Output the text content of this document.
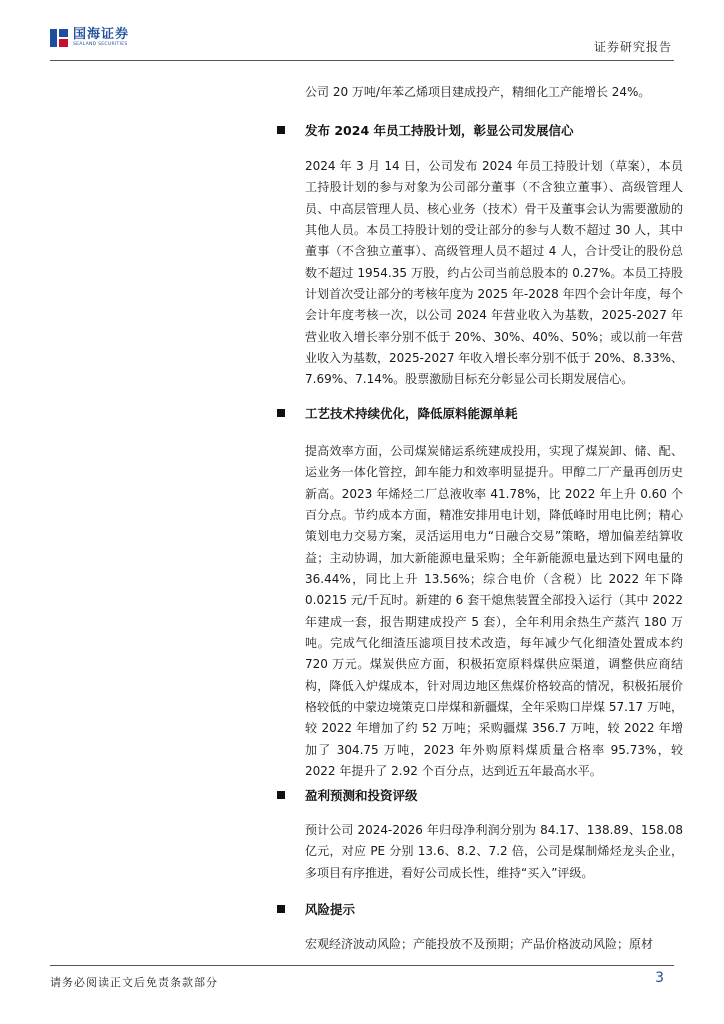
国海证券
SEALAND SECURITIES	证券研究报告

公司 20 万吨/年苯乙烯项目建成投产，精细化工产能增长 24%。

发布 2024 年员工持股计划，彰显公司发展信心

2024 年 3 月 14 日，公司发布 2024 年员工持股计划（草案），本员工持股计划的参与对象为公司部分董事（不含独立董事）、高级管理人员、中高层管理人员、核心业务（技术）骨干及董事会认为需要激励的其他人员。本员工持股计划的受让部分的参与人数不超过 30 人，其中董事（不含独立董事）、高级管理人员不超过 4 人，合计受让的股份总数不超过 1954.35 万股，约占公司当前总股本的 0.27%。本员工持股计划首次受让部分的考核年度为 2025 年-2028 年四个会计年度，每个会计年度考核一次，以公司 2024 年营业收入为基数，2025-2027 年营业收入增长率分别不低于 20%、30%、40%、50%；或以前一年营业收入为基数，2025-2027 年收入增长率分别不低于 20%、8.33%、7.69%、7.14%。股票激励目标充分彰显公司长期发展信心。

工艺技术持续优化，降低原料能源单耗

提高效率方面，公司煤炭储运系统建成投用，实现了煤炭卸、储、配、运业务一体化管控，卸车能力和效率明显提升。甲醇二厂产量再创历史新高。2023 年烯烃二厂总液收率 41.78%，比 2022 年上升 0.60 个百分点。节约成本方面，精准安排用电计划，降低峰时用电比例；精心策划电力交易方案，灵活运用电力“日融合交易”策略，增加偏差结算收益；主动协调，加大新能源电量采购；全年新能源电量达到下网电量的 36.44%，同比上升 13.56%；综合电价（含税）比 2022 年下降 0.0215 元/千瓦时。新建的 6 套干熄焦装置全部投入运行（其中 2022 年建成一套，报告期建成投产 5 套），全年利用余热生产蒸汽 180 万吨。完成气化细渣压滤项目技术改造，每年减少气化细渣处置成本约 720 万元。煤炭供应方面，积极拓宽原料煤供应渠道，调整供应商结构，降低入炉煤成本，针对周边地区焦煤价格较高的情况，积极拓展价格较低的中蒙边境策克口岸煤和新疆煤，全年采购口岸煤 57.17 万吨，较 2022 年增加了约 52 万吨；采购疆煤 356.7 万吨，较 2022 年增加了 304.75 万吨，2023 年外购原料煤质量合格率 95.73%，较 2022 年提升了 2.92 个百分点，达到近五年最高水平。

盈利预测和投资评级

预计公司 2024-2026 年归母净利润分别为 84.17、138.89、158.08 亿元，对应 PE 分别 13.6、8.2、7.2 倍，公司是煤制烯烃龙头企业，多项目有序推进，看好公司成长性，维持“买入”评级。

风险提示

宏观经济波动风险；产能投放不及预期；产品价格波动风险；原材

请务必阅读正文后免责条款部分	3
